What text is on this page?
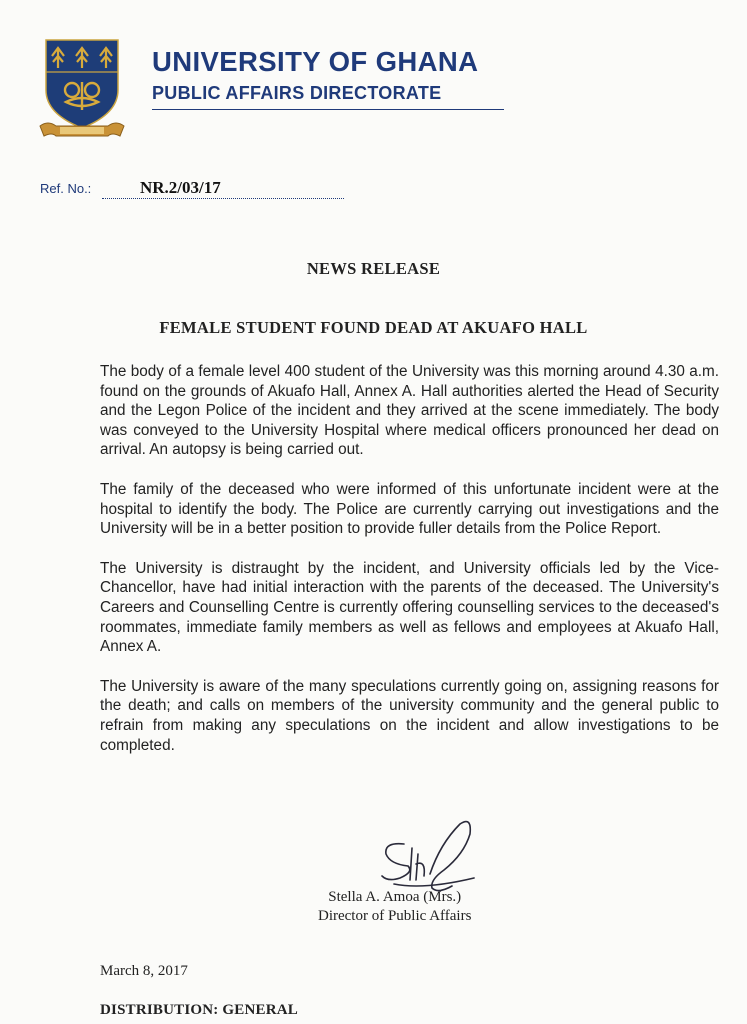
UNIVERSITY OF GHANA
PUBLIC AFFAIRS DIRECTORATE
Ref. No.:	NR.2/03/17
NEWS RELEASE
FEMALE STUDENT FOUND DEAD AT AKUAFO HALL

The body of a female level 400 student of the University was this morning around 4.30 a.m. found on the grounds of Akuafo Hall, Annex A. Hall authorities alerted the Head of Security and the Legon Police of the incident and they arrived at the scene immediately. The body was conveyed to the University Hospital where medical officers pronounced her dead on arrival. An autopsy is being carried out.

The family of the deceased who were informed of this unfortunate incident were at the hospital to identify the body. The Police are currently carrying out investigations and the University will be in a better position to provide fuller details from the Police Report.

The University is distraught by the incident, and University officials led by the Vice-Chancellor, have had initial interaction with the parents of the deceased. The University's Careers and Counselling Centre is currently offering counselling services to the deceased's roommates, immediate family members as well as fellows and employees at Akuafo Hall, Annex A.

The University is aware of the many speculations currently going on, assigning reasons for the death; and calls on members of the university community and the general public to refrain from making any speculations on the incident and allow investigations to be completed.

Stella A. Amoa (Mrs.)
Director of Public Affairs
March 8, 2017
DISTRIBUTION: GENERAL
